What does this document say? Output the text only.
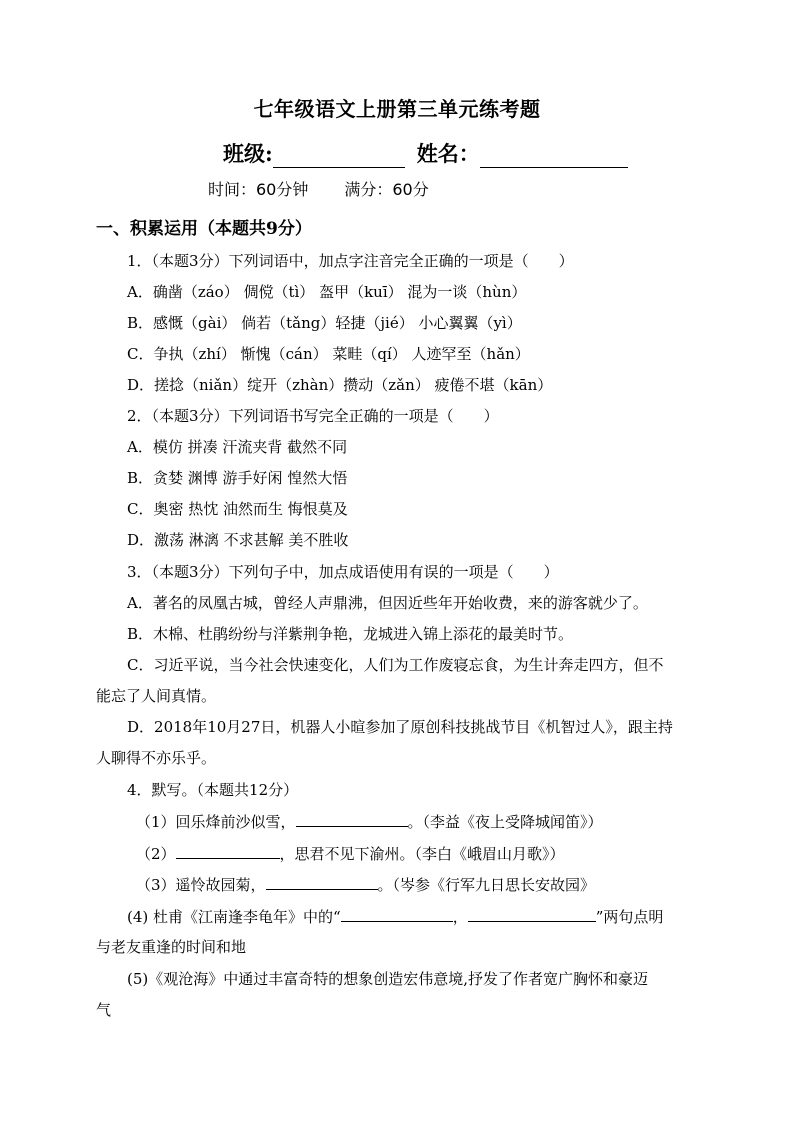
七年级语文上册第三单元练考题
班级:	姓名：
时间：60分钟 满分：60分
一、积累运用（本题共9分）
1．（本题3分）下列词语中，加点字注音完全正确的一项是（ ）
A．确凿（záo） 倜傥（tì） 盔甲（kuī） 混为一谈（hùn）
B．感慨（gài） 倘若（tǎng）轻捷（jié） 小心翼翼（yì）
C．争执（zhí） 惭愧（cán） 菜畦（qí） 人迹罕至（hǎn）
D．搓捻（niǎn）绽开（zhàn）攒动（zǎn） 疲倦不堪（kān）
2．（本题3分）下列词语书写完全正确的一项是（ ）
A．模仿 拼凑 汗流夹背 截然不同
B．贪婪 渊博 游手好闲 惶然大悟
C．奥密 热忱 油然而生 悔恨莫及
D．激荡 淋漓 不求甚解 美不胜收
3．（本题3分）下列句子中，加点成语使用有误的一项是（ ）
A．著名的凤凰古城，曾经人声鼎沸，但因近些年开始收费，来的游客就少了。
B．木棉、杜鹃纷纷与洋紫荆争艳，龙城进入锦上添花的最美时节。
C．习近平说，当今社会快速变化，人们为工作废寝忘食，为生计奔走四方，但不
能忘了人间真情。
D．2018年10月27日，机器人小暄参加了原创科技挑战节目《机智过人》，跟主持
人聊得不亦乐乎。
4．默写。（本题共12分）
（1）回乐烽前沙似雪，	。（李益《夜上受降城闻笛》）
（2）	，思君不见下渝州。（李白《峨眉山月歌》）
（3）遥怜故园菊，	。（岑参《行军九日思长安故园》
(4) 杜甫《江南逢李龟年》中的“	，	”两句点明
与老友重逢的时间和地
(5)《观沧海》中通过丰富奇特的想象创造宏伟意境,抒发了作者宽广胸怀和豪迈
气
